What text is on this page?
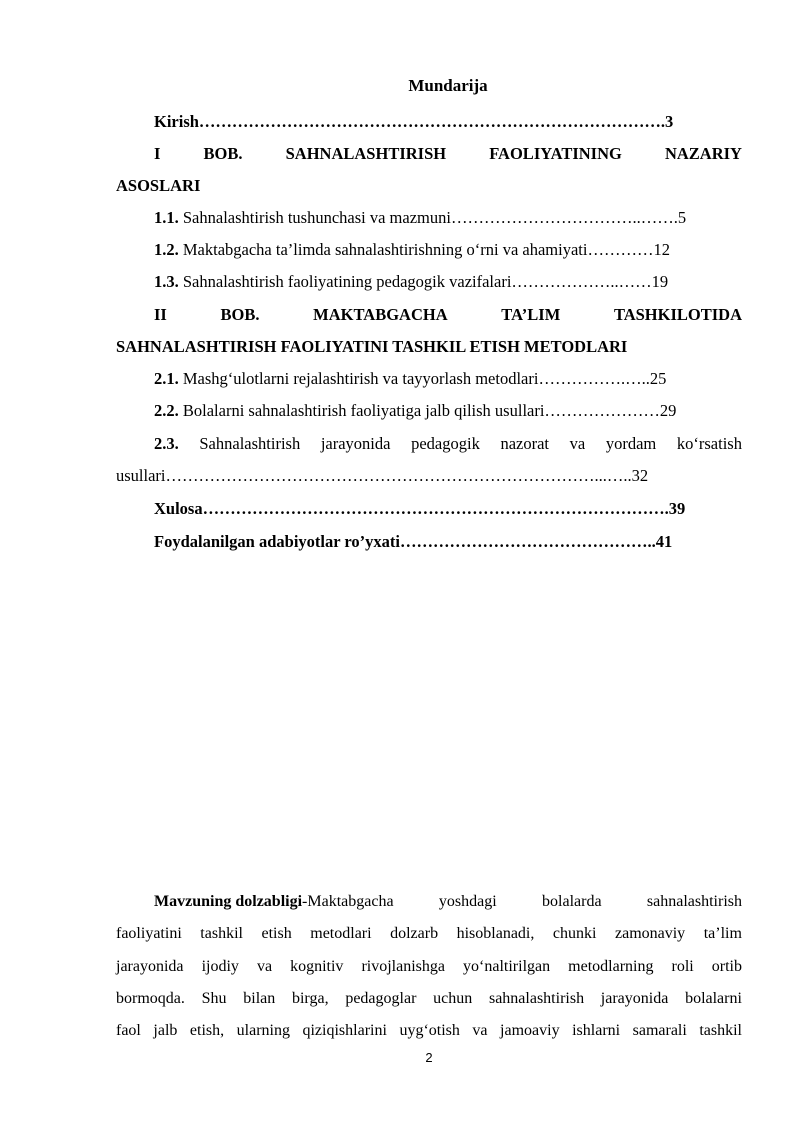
Mundarija
Kirish………………………………………………………………………….3
I	BOB.	SAHNALASHTIRISH	FAOLIYATINING	NAZARIY
ASOSLARI
1.1. Sahnalashtirish tushunchasi va mazmuni……………………………..…….5
1.2. Maktabgacha ta’limda sahnalashtirishning o‘rni va ahamiyati…………12
1.3. Sahnalashtirish faoliyatining pedagogik vazifalari………………..……19
II	BOB.	MAKTABGACHA	TA’LIM	TASHKILOTIDA
SAHNALASHTIRISH FAOLIYATINI TASHKIL ETISH METODLARI
2.1. Mashg‘ulotlarni rejalashtirish va tayyorlash metodlari…………….…..25
2.2. Bolalarni sahnalashtirish faoliyatiga jalb qilish usullari…………………29
2.3. Sahnalashtirish jarayonida pedagogik nazorat va yordam ko‘rsatish
usullari……………………………………………………………………...…..32
Xulosa………………………………………………………………………….39
Foydalanilgan adabiyotlar ro’yxati………………………………………..41
Mavzuning dolzabligi-Maktabgacha	yoshdagi	bolalarda	sahnalashtirish
faoliyatini tashkil etish metodlari dolzarb hisoblanadi, chunki zamonaviy ta’lim
jarayonida ijodiy va kognitiv rivojlanishga yo‘naltirilgan metodlarning roli ortib
bormoqda. Shu bilan birga, pedagoglar uchun sahnalashtirish jarayonida bolalarni
faol jalb etish, ularning qiziqishlarini uyg‘otish va jamoaviy ishlarni samarali tashkil
2
